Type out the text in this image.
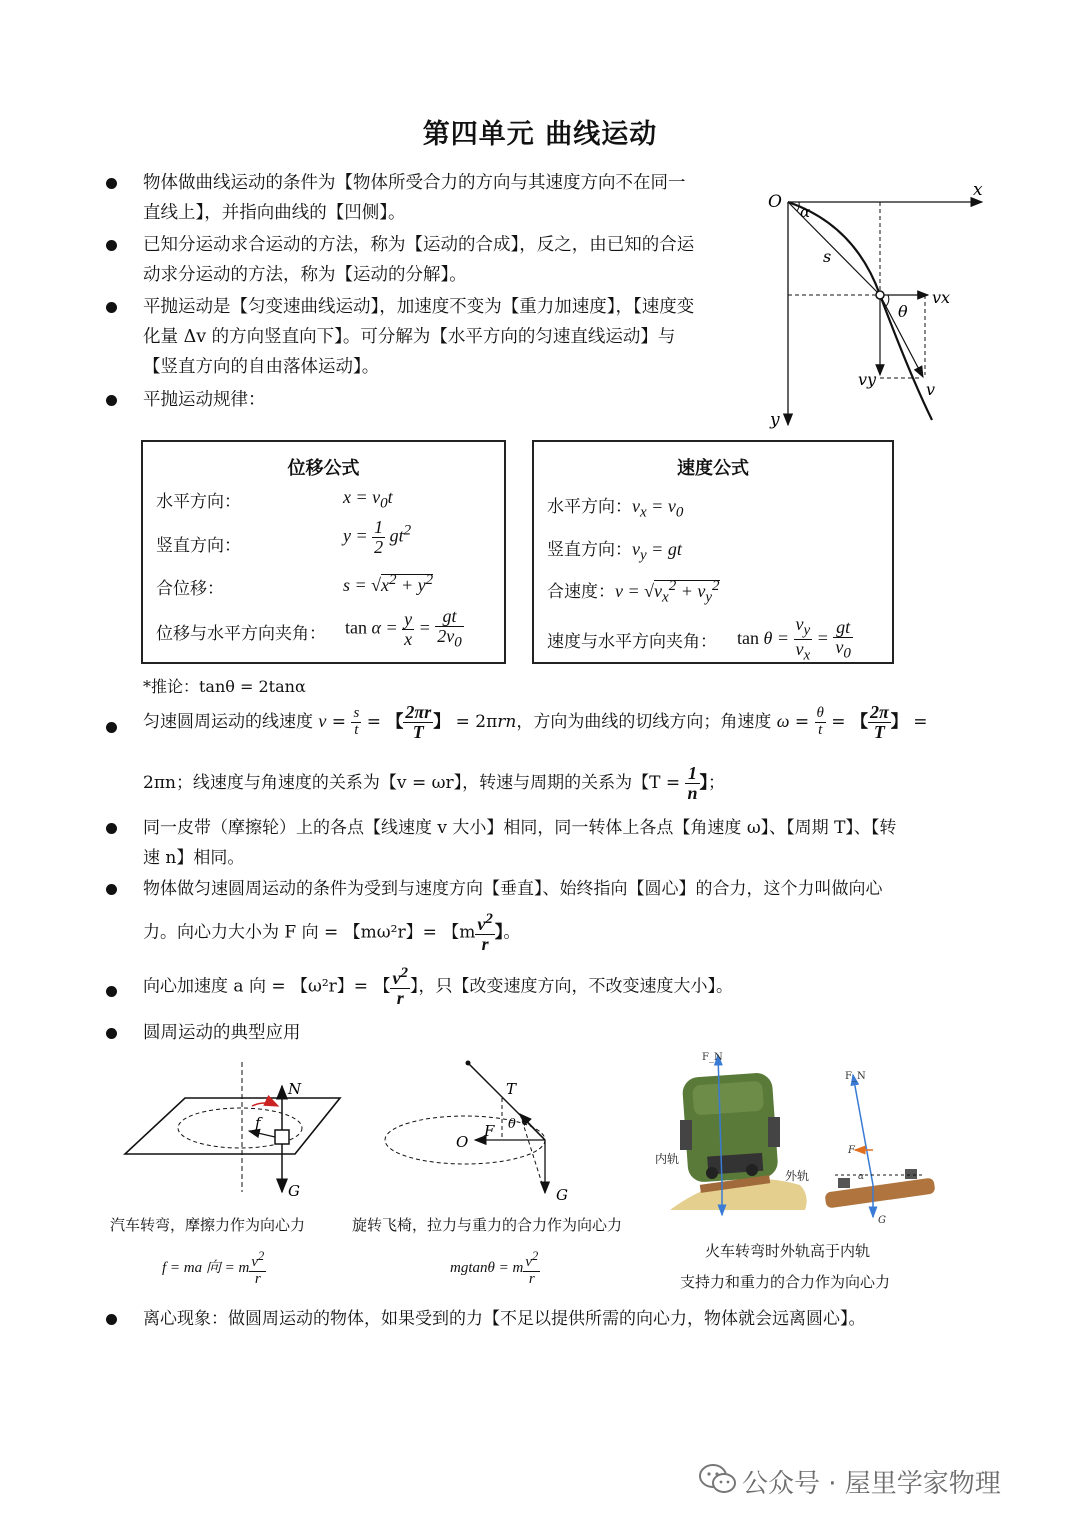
第四单元 曲线运动
物体做曲线运动的条件为【物体所受合力的方向与其速度方向不在同一
直线上】，并指向曲线的【凹侧】。
已知分运动求合运动的方法，称为【运动的合成】，反之，由已知的合运
动求分运动的方法，称为【运动的分解】。
平抛运动是【匀变速曲线运动】，加速度不变为【重力加速度】，【速度变
化量 Δv 的方向竖直向下】。可分解为【水平方向的匀速直线运动】与
【竖直方向的自由落体运动】。
平抛运动规律：
O
x
y
α
s
vx
θ
vy
v
位移公式
水平方向：	$x = v_0t$
竖直方向：
$y = \frac{1}{2} gt^2$
合位移：	$s = √x^2 + y^2$
位移与水平方向夹角： $\tan \alpha = \frac{y}{x} = \frac{gt}{2v_0}$
速度公式
水平方向：$v_x = v_0$
竖直方向：$v_y$ = gt
合速度：$v = √v_x^2 + v_y^2$
速度与水平方向夹角： $\tan \theta = \frac{v_y}{v_x} = \frac{gt}{v_0}$
*推论：tanθ = 2tanα
匀速圆周运动的线速度 $v = \frac{s}{t}$ = 【 $\frac{2\pi r}{T}$ 】 = 2πrn，方向为曲线的切线方向；角速度 $\omega = \frac{\theta}{t}$ = 【 $\frac{2\pi}{T}$ 】 =
2πn；线速度与角速度的关系为【v = ωr】，转速与周期的关系为【$T = \frac{1}{n}$ 】；
同一皮带（摩擦轮）上的各点【线速度 v 大小】相同，同一转体上各点【角速度 ω】、【周期 T】、【转
速 n】相同。
物体做匀速圆周运动的条件为受到与速度方向【垂直】、始终指向【圆心】的合力，这个力叫做向心
力。向心力大小为 F 向 = 【mω²r】= 【m $\frac{v^2}{r}$ 】。
向心加速度 a 向 = 【ω²r】= 【 $\frac{v^2}{r}$ 】，只【改变速度方向，不改变速度大小】。
圆周运动的典型应用
N
f
G
汽车转弯，摩擦力作为向心力
f = ma 向 = m $\frac{v^2}{r}$
T
θ
F
O
G
旋转飞椅，拉力与重力的合力作为向心力
mgtanθ = m $\frac{v^2}{r}$
F_N
F_N
F
α
内轨
外轨
G
火车转弯时外轨高于内轨
支持力和重力的合力作为向心力
离心现象：做圆周运动的物体，如果受到的力【不足以提供所需的向心力，物体就会远离圆心】。
公众号 · 屋里学家物理
